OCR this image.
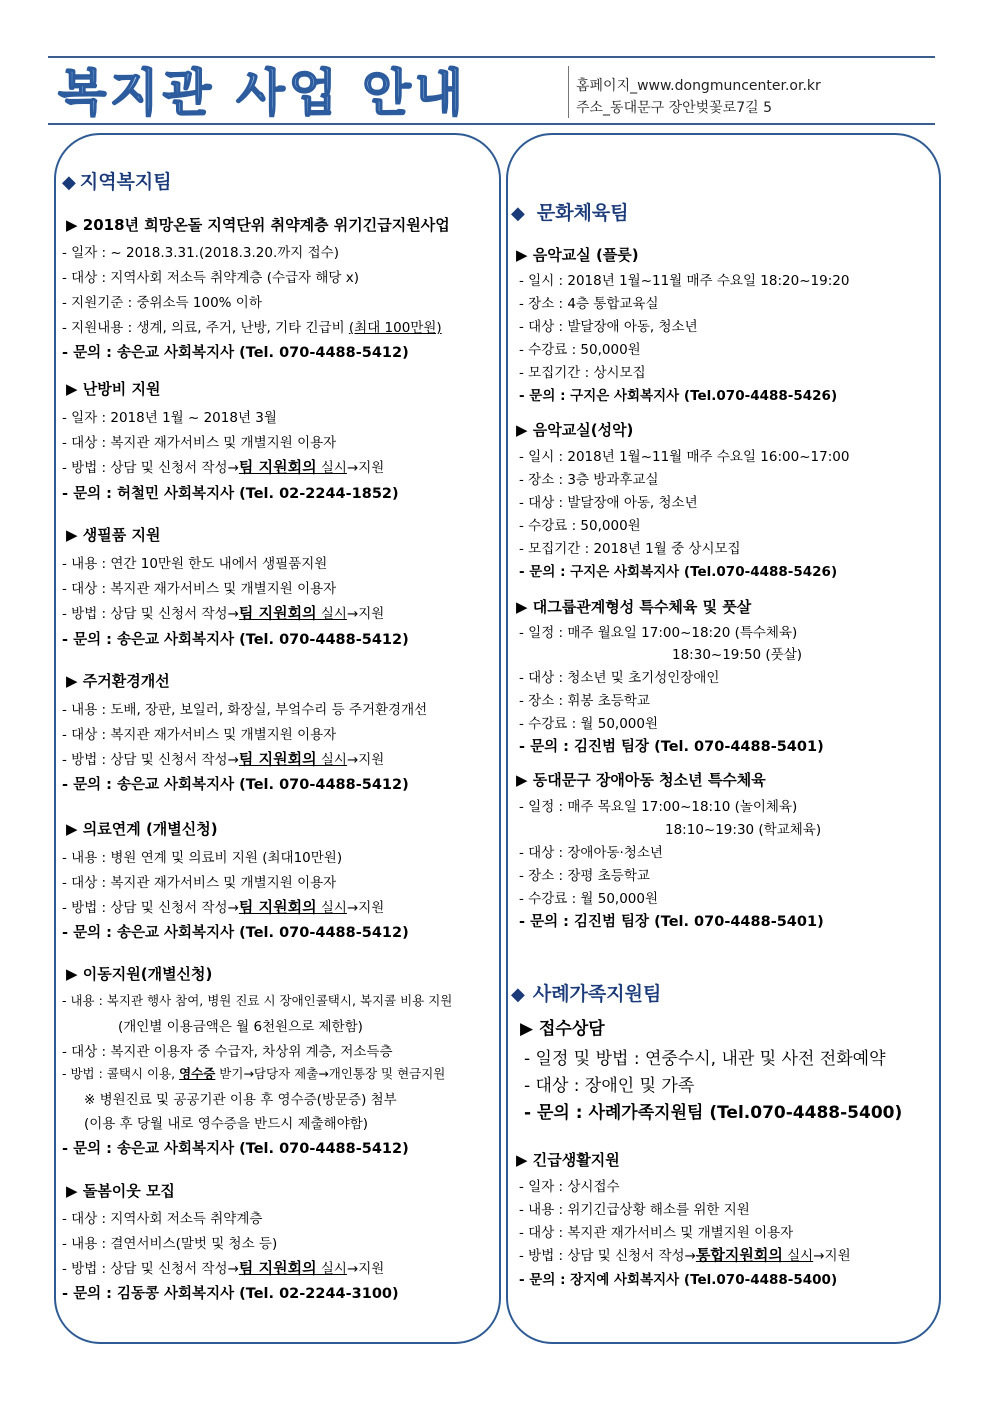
복지관 사업 안내	홈페이지_www.dongmuncenter.or.kr
주소_동대문구 장안벚꽃로7길 5
◆ 지역복지팀
▶ 2018년 희망온돌 지역단위 취약계층 위기긴급지원사업
- 일자 : ~ 2018.3.31.(2018.3.20.까지 접수)
- 대상 : 지역사회 저소득 취약계층 (수급자 해당 x)
- 지원기준 : 중위소득 100% 이하
- 지원내용 : 생계, 의료, 주거, 난방, 기타 긴급비 (최대 100만원)
- 문의 : 송은교 사회복지사 (Tel. 070-4488-5412)
▶ 난방비 지원
- 일자 : 2018년 1월 ~ 2018년 3월
- 대상 : 복지관 재가서비스 및 개별지원 이용자
- 방법 : 상담 및 신청서 작성→팀 지원회의 실시→지원
- 문의 : 허철민 사회복지사 (Tel. 02-2244-1852)
▶ 생필품 지원
- 내용 : 연간 10만원 한도 내에서 생필품지원
- 대상 : 복지관 재가서비스 및 개별지원 이용자
- 방법 : 상담 및 신청서 작성→팀 지원회의 실시→지원
- 문의 : 송은교 사회복지사 (Tel. 070-4488-5412)
▶ 주거환경개선
- 내용 : 도배, 장판, 보일러, 화장실, 부엌수리 등 주거환경개선
- 대상 : 복지관 재가서비스 및 개별지원 이용자
- 방법 : 상담 및 신청서 작성→팀 지원회의 실시→지원
- 문의 : 송은교 사회복지사 (Tel. 070-4488-5412)
▶ 의료연계 (개별신청)
- 내용 : 병원 연계 및 의료비 지원 (최대10만원)
- 대상 : 복지관 재가서비스 및 개별지원 이용자
- 방법 : 상담 및 신청서 작성→팀 지원회의 실시→지원
- 문의 : 송은교 사회복지사 (Tel. 070-4488-5412)
▶ 이동지원(개별신청)
- 내용 : 복지관 행사 참여, 병원 진료 시 장애인콜택시, 복지콜 비용 지원
(개인별 이용금액은 월 6천원으로 제한함)
- 대상 : 복지관 이용자 중 수급자, 차상위 계층, 저소득층
- 방법 : 콜택시 이용, 영수증 받기→담당자 제출→개인통장 및 현금지원
※ 병원진료 및 공공기관 이용 후 영수증(방문증) 첨부
(이용 후 당월 내로 영수증을 반드시 제출해야함)
- 문의 : 송은교 사회복지사 (Tel. 070-4488-5412)
▶ 돌봄이웃 모집
- 대상 : 지역사회 저소득 취약계층
- 내용 : 결연서비스(말벗 및 청소 등)
- 방법 : 상담 및 신청서 작성→팀 지원회의 실시→지원
- 문의 : 김동콩 사회복지사 (Tel. 02-2244-3100)
◆ 문화체육팀
▶ 음악교실 (플룻)
- 일시 : 2018년 1월~11월 매주 수요일 18:20~19:20
- 장소 : 4층 통합교육실
- 대상 : 발달장애 아동, 청소년
- 수강료 : 50,000원
- 모집기간 : 상시모집
- 문의 : 구지은 사회복지사 (Tel.070-4488-5426)
▶ 음악교실(성악)
- 일시 : 2018년 1월~11월 매주 수요일 16:00~17:00
- 장소 : 3층 방과후교실
- 대상 : 발달장애 아동, 청소년
- 수강료 : 50,000원
- 모집기간 : 2018년 1월 중 상시모집
- 문의 : 구지은 사회복지사 (Tel.070-4488-5426)
▶ 대그룹관계형성 특수체육 및 풋살
- 일정 : 매주 월요일 17:00~18:20 (특수체육)
18:30~19:50 (풋살)
- 대상 : 청소년 및 초기성인장애인
- 장소 : 휘봉 초등학교
- 수강료 : 월 50,000원
- 문의 : 김진범 팀장 (Tel. 070-4488-5401)
▶ 동대문구 장애아동 청소년 특수체육
- 일정 : 매주 목요일 17:00~18:10 (놀이체육)
18:10~19:30 (학교체육)
- 대상 : 장애아동·청소년
- 장소 : 장평 초등학교
- 수강료 : 월 50,000원
- 문의 : 김진범 팀장 (Tel. 070-4488-5401)
◆ 사례가족지원팀
▶ 접수상담
- 일정 및 방법 : 연중수시, 내관 및 사전 전화예약
- 대상 : 장애인 및 가족
- 문의 : 사례가족지원팀 (Tel.070-4488-5400)
▶ 긴급생활지원
- 일자 : 상시접수
- 내용 : 위기긴급상황 해소를 위한 지원
- 대상 : 복지관 재가서비스 및 개별지원 이용자
- 방법 : 상담 및 신청서 작성→통합지원회의 실시→지원
- 문의 : 장지예 사회복지사 (Tel.070-4488-5400)
